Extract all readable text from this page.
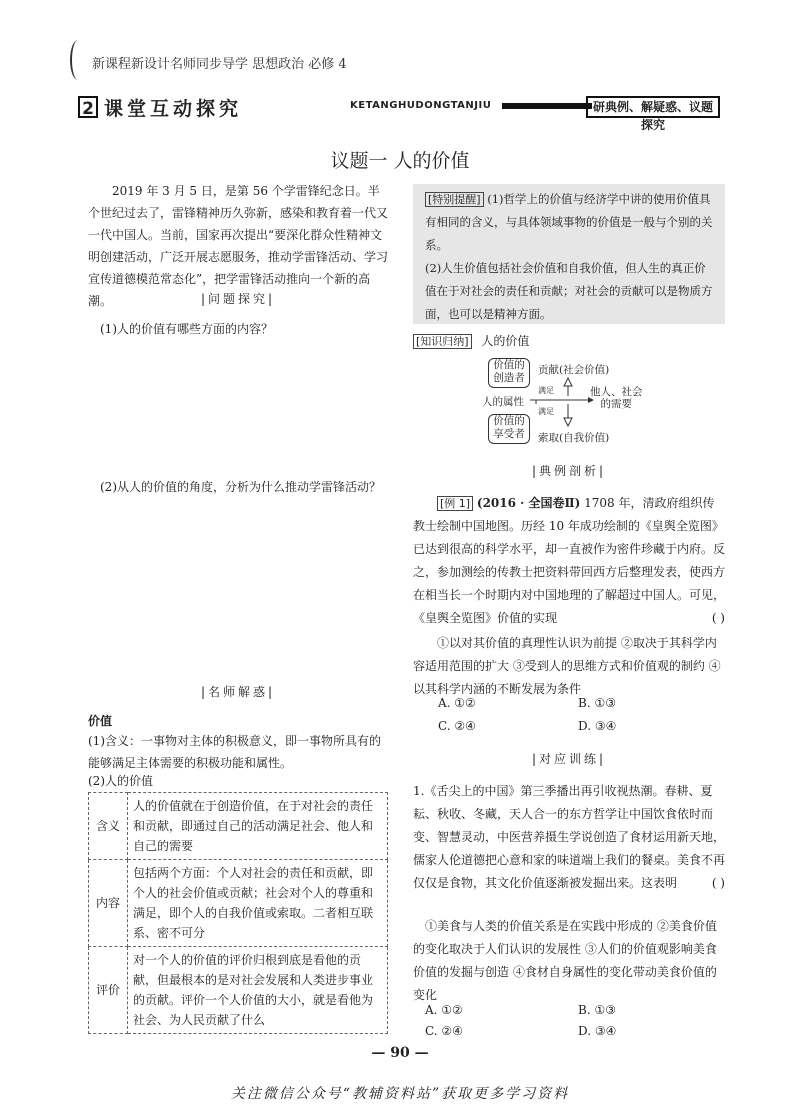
新课程新设计名师同步导学 思想政治 必修 4
2 课堂互动探究	KETANGHUDONGTANJIU	研典例、解疑惑、议题探究
议题一 人的价值
2019 年 3 月 5 日，是第 56 个学雷锋纪念日。半个世纪过去了，雷锋精神历久弥新，感染和教育着一代又一代中国人。当前，国家再次提出“要深化群众性精神文明创建活动，广泛开展志愿服务，推动学雷锋活动、学习宣传道德模范常态化”，把学雷锋活动推向一个新的高潮。	|问题探究|
(1)人的价值有哪些方面的内容？
(2)从人的价值的角度，分析为什么推动学雷锋活动？
|名师解惑|
价值
(1)含义：一事物对主体的积极意义，即一事物所具有的能够满足主体需要的积极功能和属性。
(2)人的价值
含义	人的价值就在于创造价值，在于对社会的责任和贡献，即通过自己的活动满足社会、他人和自己的需要
内容	包括两个方面：个人对社会的责任和贡献，即个人的社会价值或贡献；社会对个人的尊重和满足，即个人的自我价值或索取。二者相互联系、密不可分
评价	对一个人的价值的评价归根到底是看他的贡献，但最根本的是对社会发展和人类进步事业的贡献。评价一个人价值的大小，就是看他为社会、为人民贡献了什么

[特别提醒] (1)哲学上的价值与经济学中讲的使用价值具有相同的含义，与具体领域事物的价值是一般与个别的关系。

(2)人生价值包括社会价值和自我价值，但人生的真正价值在于对社会的责任和贡献；对社会的贡献可以是物质方面，也可以是精神方面。

[知识归纳] 人的价值
价值的
创造者
价值的
享受者
贡献(社会价值)
人的属性
满足
满足
他人、社会
的需要
索取(自我价值)
|典例剖析|
[例 1] (2016 · 全国卷Ⅱ) 1708 年，清政府组织传教士绘制中国地图。历经 10 年成功绘制的《皇舆全览图》已达到很高的科学水平，却一直被作为密件珍藏于内府。反之，参加测绘的传教士把资料带回西方后整理发表，使西方在相当长一个时期内对中国地理的了解超过中国人。可见，《皇舆全览图》价值的实现	( )
①以对其价值的真理性认识为前提 ②取决于其科学内容适用范围的扩大 ③受到人的思维方式和价值观的制约 ④以其科学内涵的不断发展为条件
A. ①②	B. ①③
C. ②④	D. ③④
|对应训练|
1.《舌尖上的中国》第三季播出再引收视热潮。春耕、夏耘、秋收、冬藏，天人合一的东方哲学让中国饮食依时而变、智慧灵动，中医营养摄生学说创造了食材运用新天地，儒家人伦道德把心意和家的味道端上我们的餐桌。美食不再仅仅是食物，其文化价值逐渐被发掘出来。这表明	( )
①美食与人类的价值关系是在实践中形成的 ②美食价值的变化取决于人们认识的发展性 ③人们的价值观影响美食价值的发掘与创造 ④食材自身属性的变化带动美食价值的变化
A. ①②	B. ①③
C. ②④	D. ③④
— 90 —
关注微信公众号“教辅资料站”获取更多学习资料
